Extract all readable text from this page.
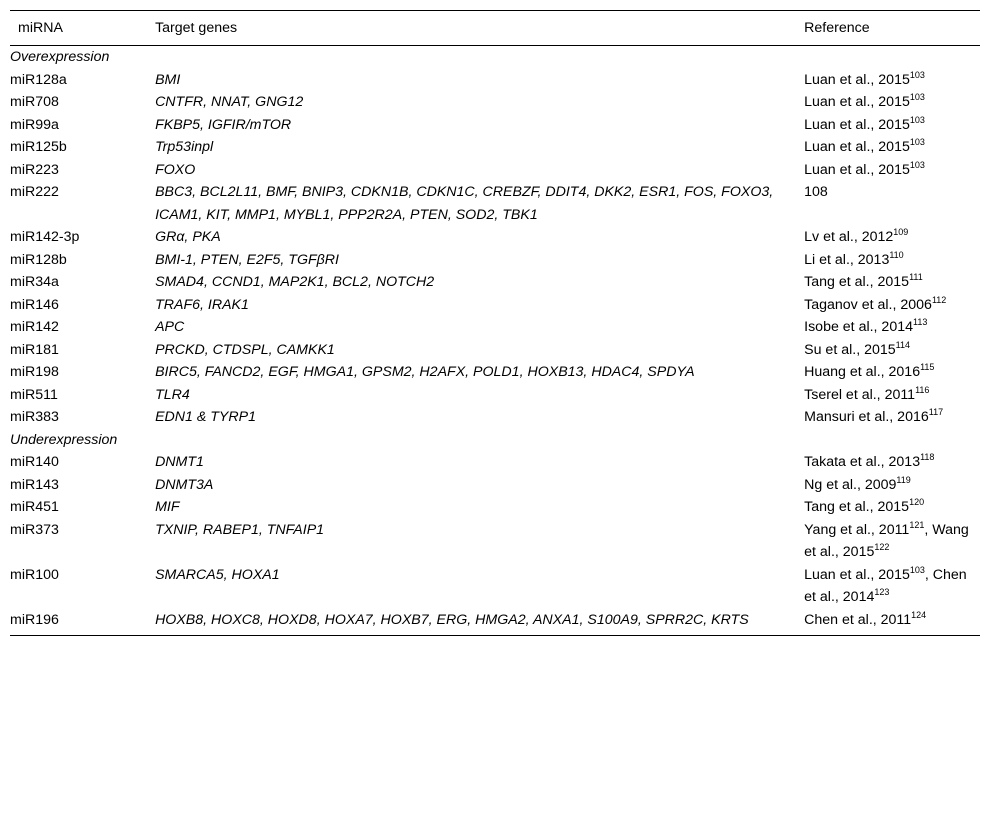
miRNA	Target genes	Reference
Overexpression		
miR128a	BMI	Luan et al., 2015$^{103}$
miR708	CNTFR, NNAT, GNG12	Luan et al., 2015$^{103}$
miR99a	FKBP5, IGFIR/mTOR	Luan et al., 2015$^{103}$
miR125b	Trp53inpl	Luan et al., 2015$^{103}$
miR223	FOXO	Luan et al., 2015$^{103}$
miR222	BBC3, BCL2L11, BMF, BNIP3, CDKN1B, CDKN1C, CREBZF, DDIT4, DKK2, ESR1, FOS, FOXO3, ICAM1, KIT, MMP1, MYBL1, PPP2R2A, PTEN, SOD2, TBK1	108
miR142-3p	GRα, PKA	Lv et al., 2012$^{109}$
miR128b	BMI-1, PTEN, E2F5, TGFβRI	Li et al., 2013$^{110}$
miR34a	SMAD4, CCND1, MAP2K1, BCL2, NOTCH2	Tang et al., 2015$^{111}$
miR146	TRAF6, IRAK1	Taganov et al., 2006$^{112}$
miR142	APC	Isobe et al., 2014$^{113}$
miR181	PRCKD, CTDSPL, CAMKK1	Su et al., 2015$^{114}$
miR198	BIRC5, FANCD2, EGF, HMGA1, GPSM2, H2AFX, POLD1, HOXB13, HDAC4, SPDYA	Huang et al., 2016$^{115}$
miR511	TLR4	Tserel et al., 2011$^{116}$
miR383	EDN1 & TYRP1	Mansuri et al., 2016$^{117}$
Underexpression		
miR140	DNMT1	Takata et al., 2013$^{118}$
miR143	DNMT3A	Ng et al., 2009$^{119}$
miR451	MIF	Tang et al., 2015$^{120}$
miR373	TXNIP, RABEP1, TNFAIP1	Yang et al., 2011$^{121}$, Wang et al., 2015$^{122}$
miR100	SMARCA5, HOXA1	Luan et al., 2015$^{103}$, Chen et al., 2014$^{123}$
miR196	HOXB8, HOXC8, HOXD8, HOXA7, HOXB7, ERG, HMGA2, ANXA1, S100A9, SPRR2C, KRTS	Chen et al., 2011$^{124}$
